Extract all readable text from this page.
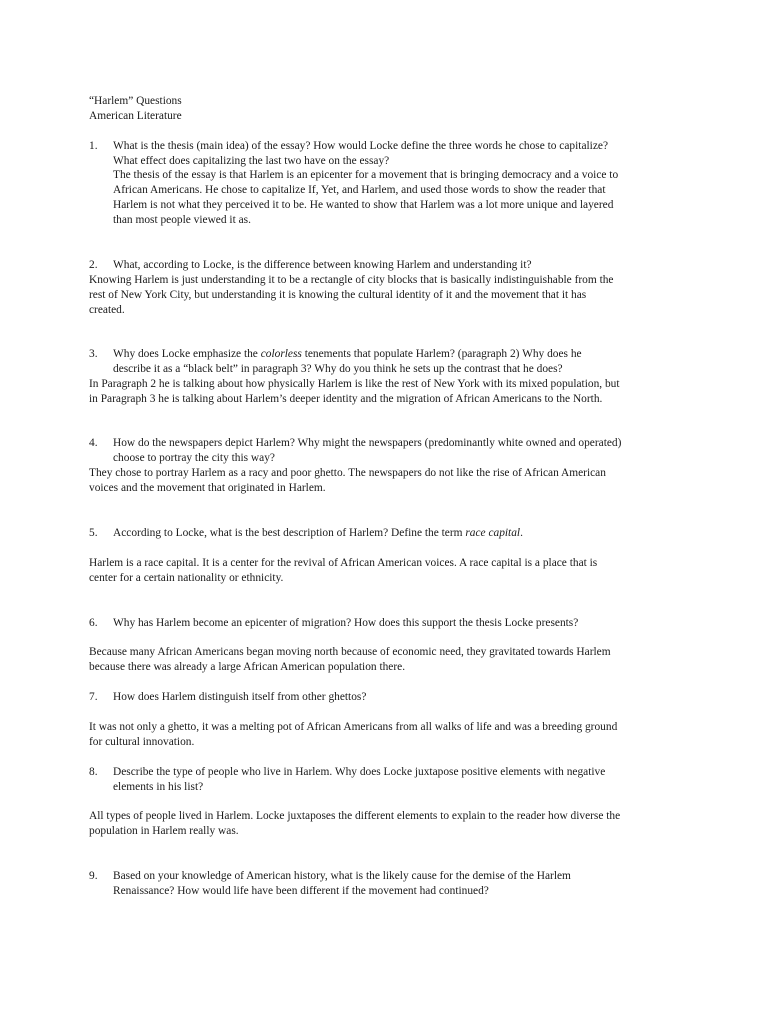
“Harlem” Questions
American Literature
1. What is the thesis (main idea) of the essay? How would Locke define the three words he chose to capitalize?
What effect does capitalizing the last two have on the essay?
The thesis of the essay is that Harlem is an epicenter for a movement that is bringing democracy and a voice to
African Americans. He chose to capitalize If, Yet, and Harlem, and used those words to show the reader that
Harlem is not what they perceived it to be. He wanted to show that Harlem was a lot more unique and layered
than most people viewed it as.
2. What, according to Locke, is the difference between knowing Harlem and understanding it?
Knowing Harlem is just understanding it to be a rectangle of city blocks that is basically indistinguishable from the
rest of New York City, but understanding it is knowing the cultural identity of it and the movement that it has
created.
3. Why does Locke emphasize the colorless tenements that populate Harlem? (paragraph 2) Why does he
describe it as a “black belt” in paragraph 3? Why do you think he sets up the contrast that he does?
In Paragraph 2 he is talking about how physically Harlem is like the rest of New York with its mixed population, but
in Paragraph 3 he is talking about Harlem’s deeper identity and the migration of African Americans to the North.
4. How do the newspapers depict Harlem? Why might the newspapers (predominantly white owned and operated)
choose to portray the city this way?
They chose to portray Harlem as a racy and poor ghetto. The newspapers do not like the rise of African American
voices and the movement that originated in Harlem.
5. According to Locke, what is the best description of Harlem? Define the term race capital.
Harlem is a race capital. It is a center for the revival of African American voices. A race capital is a place that is
center for a certain nationality or ethnicity.
6. Why has Harlem become an epicenter of migration? How does this support the thesis Locke presents?
Because many African Americans began moving north because of economic need, they gravitated towards Harlem
because there was already a large African American population there.
7. How does Harlem distinguish itself from other ghettos?
It was not only a ghetto, it was a melting pot of African Americans from all walks of life and was a breeding ground
for cultural innovation.
8. Describe the type of people who live in Harlem. Why does Locke juxtapose positive elements with negative
elements in his list?
All types of people lived in Harlem. Locke juxtaposes the different elements to explain to the reader how diverse the
population in Harlem really was.
9. Based on your knowledge of American history, what is the likely cause for the demise of the Harlem
Renaissance? How would life have been different if the movement had continued?
